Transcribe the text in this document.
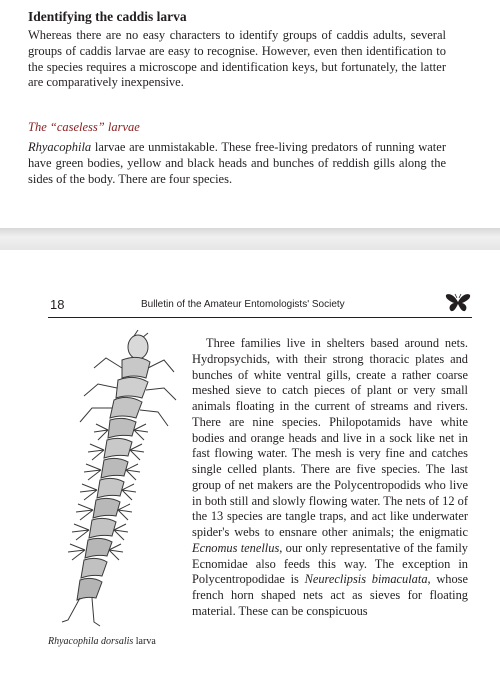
Identifying the caddis larva
Whereas there are no easy characters to identify groups of caddis adults, several groups of caddis larvae are easy to recognise. However, even then identification to the species requires a microscope and identification keys, but fortunately, the latter are comparatively inexpensive.
The “caseless” larvae
Rhyacophila larvae are unmistakable. These free-living predators of running water have green bodies, yellow and black heads and bunches of reddish gills along the sides of the body. There are four species.
18	Bulletin of the Amateur Entomologists' Society
Rhyacophila dorsalis larva
Three families live in shelters based around nets. Hydropsychids, with their strong thoracic plates and bunches of white ventral gills, create a rather coarse meshed sieve to catch pieces of plant or very small animals floating in the current of streams and rivers. There are nine species. Philopotamids have white bodies and orange heads and live in a sock like net in fast flowing water. The mesh is very fine and catches single celled plants. There are five species. The last group of net makers are the Polycentropodids who live in both still and slowly flowing water. The nets of 12 of the 13 species are tangle traps, and act like underwater spider's webs to ensnare other animals; the enigmatic Ecnomus tenellus, our only representative of the family Ecnomidae also feeds this way. The exception in Polycentropodidae is Neureclipsis bimaculata, whose french horn shaped nets act as sieves for floating material. These can be conspicuous
